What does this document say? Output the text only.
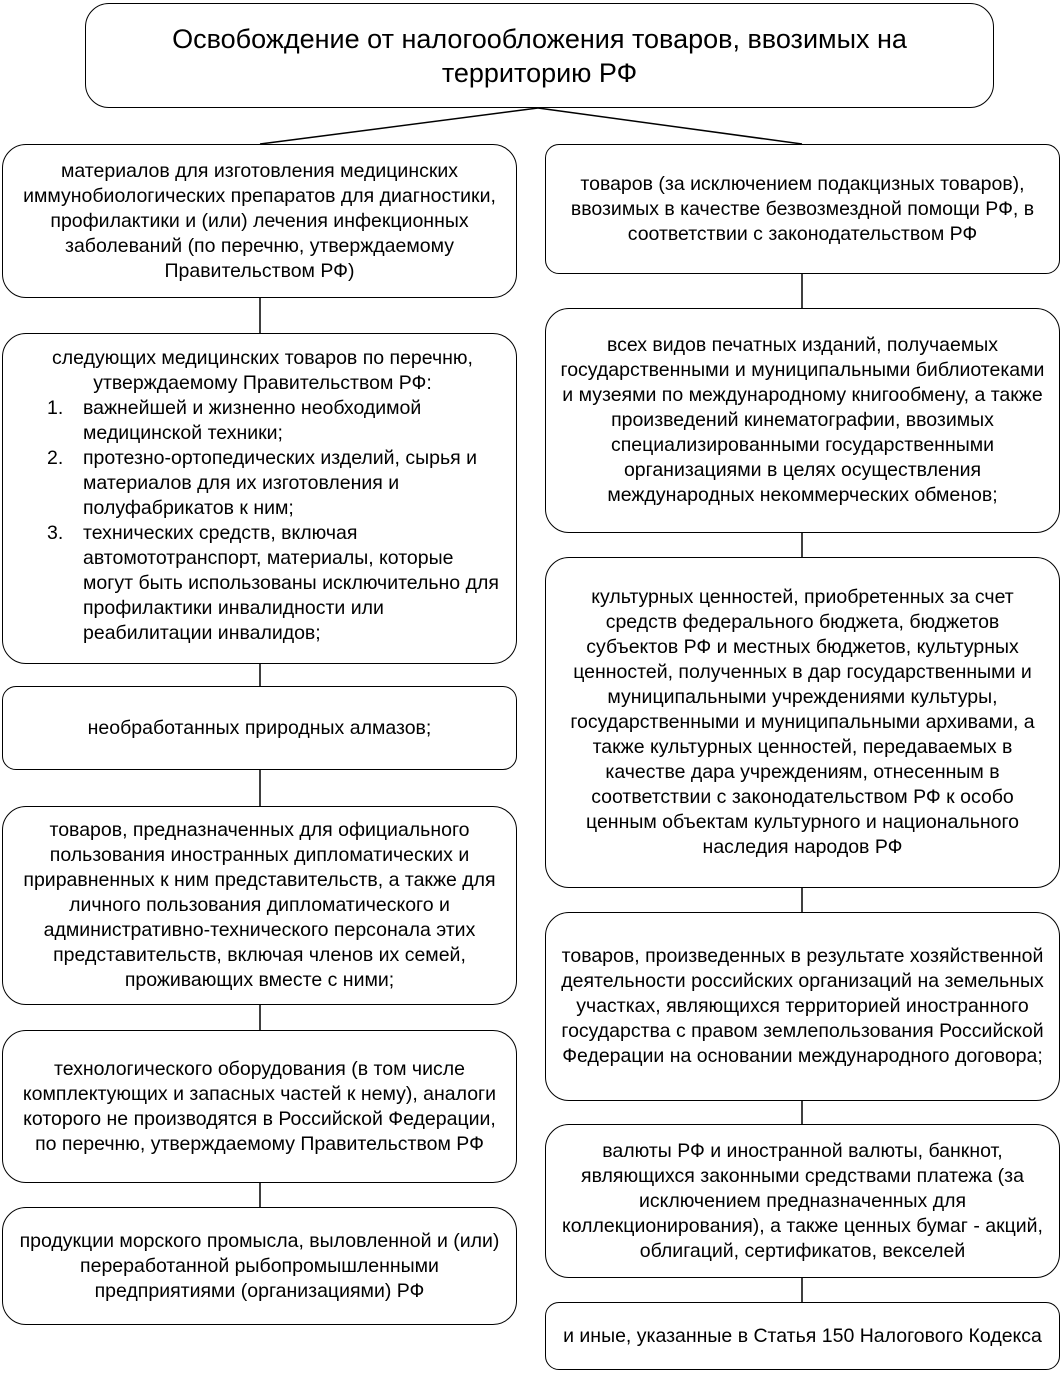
Освобождение от налогообложения товаров, ввозимых на территорию РФ
материалов для изготовления медицинских иммунобиологических препаратов для диагностики, профилактики и (или) лечения инфекционных заболеваний (по перечню, утверждаемому Правительством РФ)
следующих медицинских товаров по перечню, утверждаемому Правительством РФ:
1.	важнейшей и жизненно необходимой медицинской техники;
2.	протезно-ортопедических изделий, сырья и материалов для их изготовления и полуфабрикатов к ним;
3.	технических средств, включая автомототранспорт, материалы, которые могут быть использованы исключительно для профилактики инвалидности или реабилитации инвалидов;
необработанных природных алмазов;
товаров, предназначенных для официального пользования иностранных дипломатических и приравненных к ним представительств, а также для личного пользования дипломатического и административно-технического персонала этих представительств, включая членов их семей, проживающих вместе с ними;
технологического оборудования (в том числе комплектующих и запасных частей к нему), аналоги которого не производятся в Российской Федерации, по перечню, утверждаемому Правительством РФ
продукции морского промысла, выловленной и (или) переработанной рыбопромышленными предприятиями (организациями) РФ
товаров (за исключением подакцизных товаров), ввозимых в качестве безвозмездной помощи РФ, в соответствии с законодательством РФ
всех видов печатных изданий, получаемых государственными и муниципальными библиотеками и музеями по международному книгообмену, а также произведений кинематографии, ввозимых специализированными государственными организациями в целях осуществления международных некоммерческих обменов;
культурных ценностей, приобретенных за счет средств федерального бюджета, бюджетов субъектов РФ и местных бюджетов, культурных ценностей, полученных в дар государственными и муниципальными учреждениями культуры, государственными и муниципальными архивами, а также культурных ценностей, передаваемых в качестве дара учреждениям, отнесенным в соответствии с законодательством РФ к особо ценным объектам культурного и национального наследия народов РФ
товаров, произведенных в результате хозяйственной деятельности российских организаций на земельных участках, являющихся территорией иностранного государства с правом землепользования Российской Федерации на основании международного договора;
валюты РФ и иностранной валюты, банкнот, являющихся законными средствами платежа (за исключением предназначенных для коллекционирования), а также ценных бумаг - акций, облигаций, сертификатов, векселей
и иные, указанные в Статья 150 Налогового Кодекса
